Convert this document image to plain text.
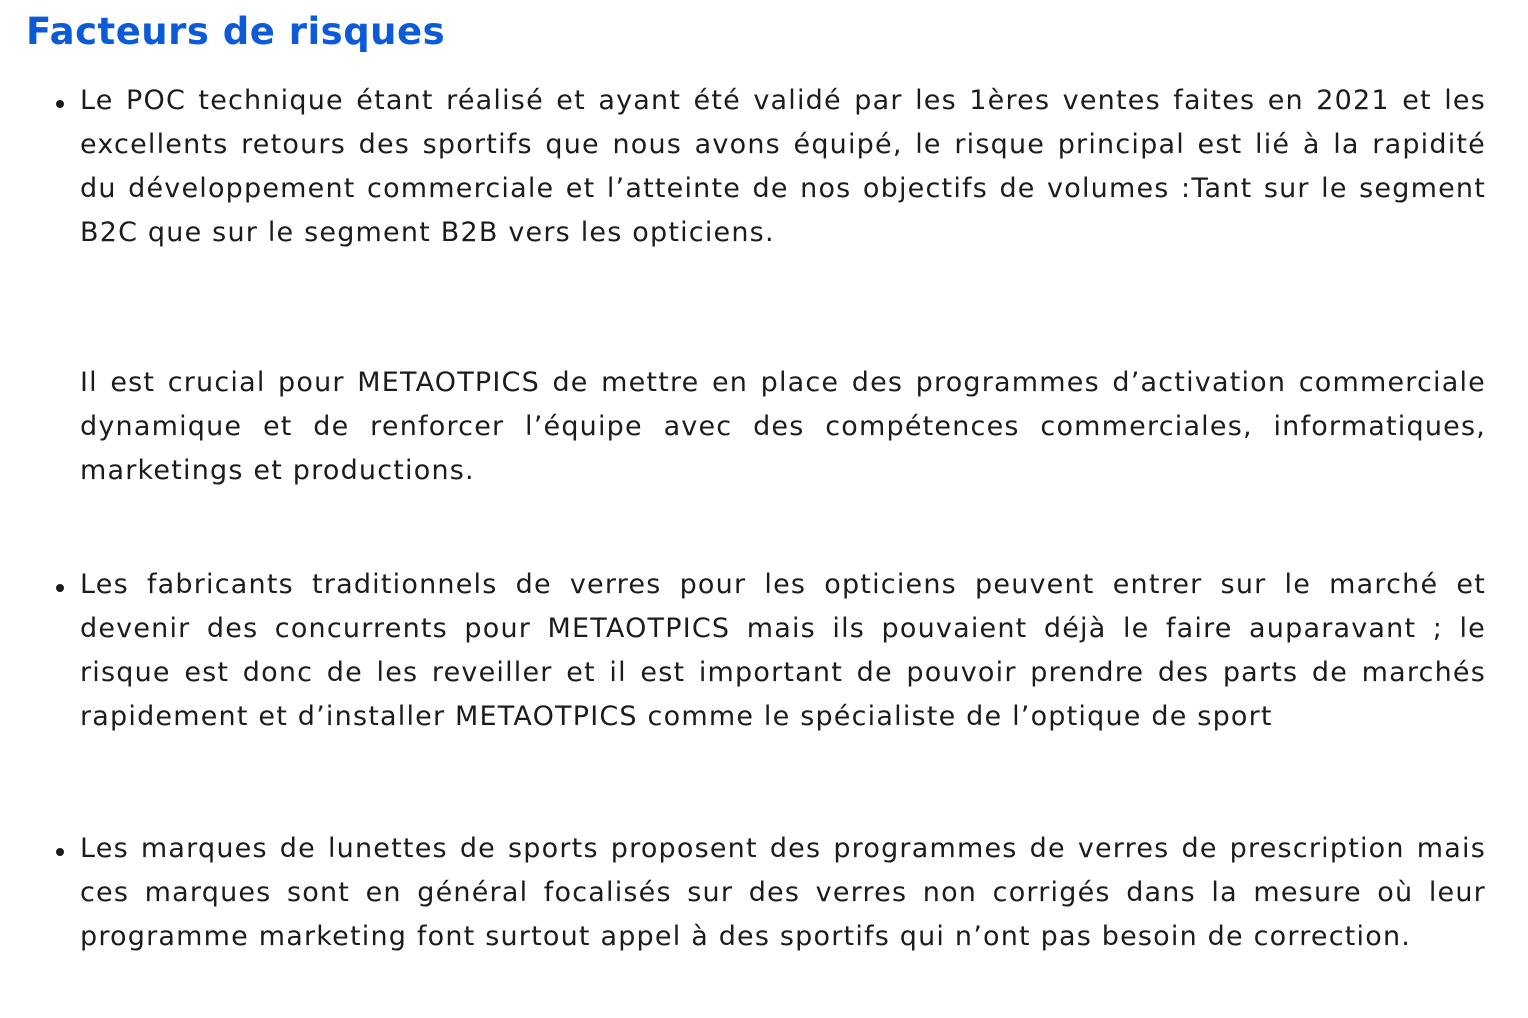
Facteurs de risques

Le POC technique étant réalisé et ayant été validé par les 1ères ventes faites en 2021 et les excellents retours des sportifs que nous avons équipé, le risque principal est lié à la rapidité du développement commerciale et l’atteinte de nos objectifs de volumes :Tant sur le segment B2C que sur le segment B2B vers les opticiens.

Il est crucial pour METAOTPICS de mettre en place des programmes d’activation commerciale dynamique et de renforcer l’équipe avec des compétences commerciales, informatiques, marketings et productions.

Les fabricants traditionnels de verres pour les opticiens peuvent entrer sur le marché et devenir des concurrents pour METAOTPICS mais ils pouvaient déjà le faire auparavant ; le risque est donc de les reveiller et il est important de pouvoir prendre des parts de marchés rapidement et d’installer METAOTPICS comme le spécialiste de l’optique de sport

Les marques de lunettes de sports proposent des programmes de verres de prescription mais ces marques sont en général focalisés sur des verres non corrigés dans la mesure où leur programme marketing font surtout appel à des sportifs qui n’ont pas besoin de correction.
